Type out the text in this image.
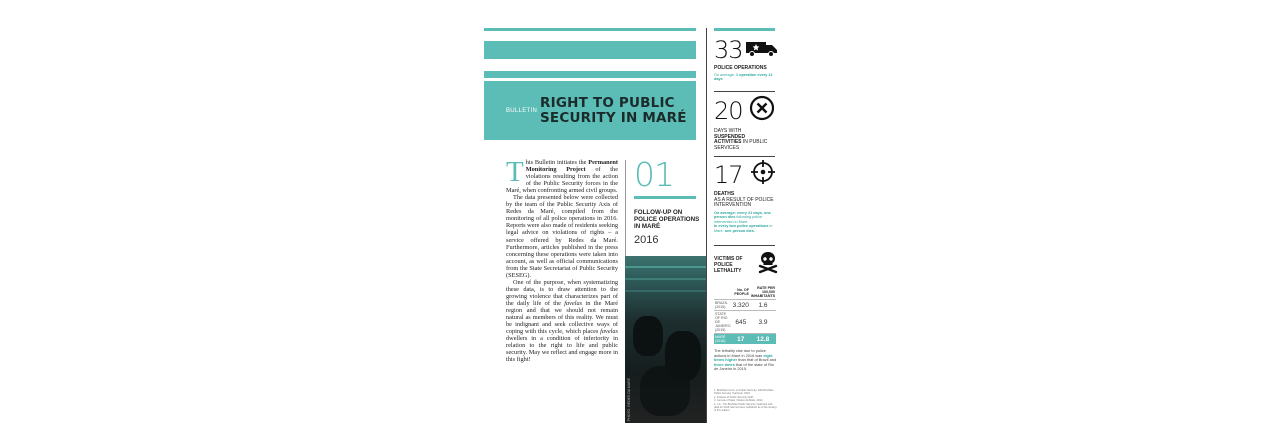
BULLETIN RIGHT TO PUBLIC
SECURITY IN MARÉ

This Bulletin initiates the Permanent Monitoring Project of the violations resulting from the action of the Public Security forces in the Maré, when confronting armed civil groups.

The data presented below were collected by the team of the Public Security Axis of Redes da Maré, compiled from the monitoring of all police operations in 2016. Reports were also made of residents seeking legal advice on violations of rights – a service offered by Redes da Maré. Furthermore, articles published in the press concerning these operations were taken into account, as well as official communications from the State Secretariat of Public Security (SESEG).

One of the purpose, when systematizing these data, is to draw attention to the growing violence that characterizes part of the daily life of the favelas in the Maré region and that we should not remain natural as members of this reality. We must be indignant and seek collective ways of coping with this cycle, which places favelas dwellers in a condition of inferiority in relation to the right to life and public security. May we reflect and engage more in this fight!

01
FOLLOW-UP ON POLICE OPERATIONS IN MARÉ
2016
PHOTO: REDES DA MARÉ
33
POLICE OPERATIONS
On average, 1 operation every 11 days
20
DAYS WITH
SUSPENDED
ACTIVITIES IN PUBLIC SERVICES
17
DEATHS
AS A RESULT OF POLICE INTERVENTION
On average: every 21 days, one person dies following police intervention in Maré.
In every two police operations in Maré, one person dies.
VICTIMS OF POLICE LETHALITY
	No. OF PEOPLE	RATE PER 100,000 INHABITANTS
BRAZIL (2015)	3.320	1.6
STATE OF RIO DE JANEIRO (2015)	645	3.9
MARÉ (2016)	17	12.8
The lethality rate due to police actions in Maré in 2016 was eight times higher than that of Brazil and three times that of the state of Rio de Janeiro in 2015.
1. Brazilian Forum on Public Security. 10th Brazilian Public Security Yearbook, 2016.
2. Institute of Public Security (ISP).
3. Census of Maré / Redes da Maré, 2013.
4. n.b.: The Brazilian Public Security Yearbook with data for 2016 had not been published as of the closing of this edition.
